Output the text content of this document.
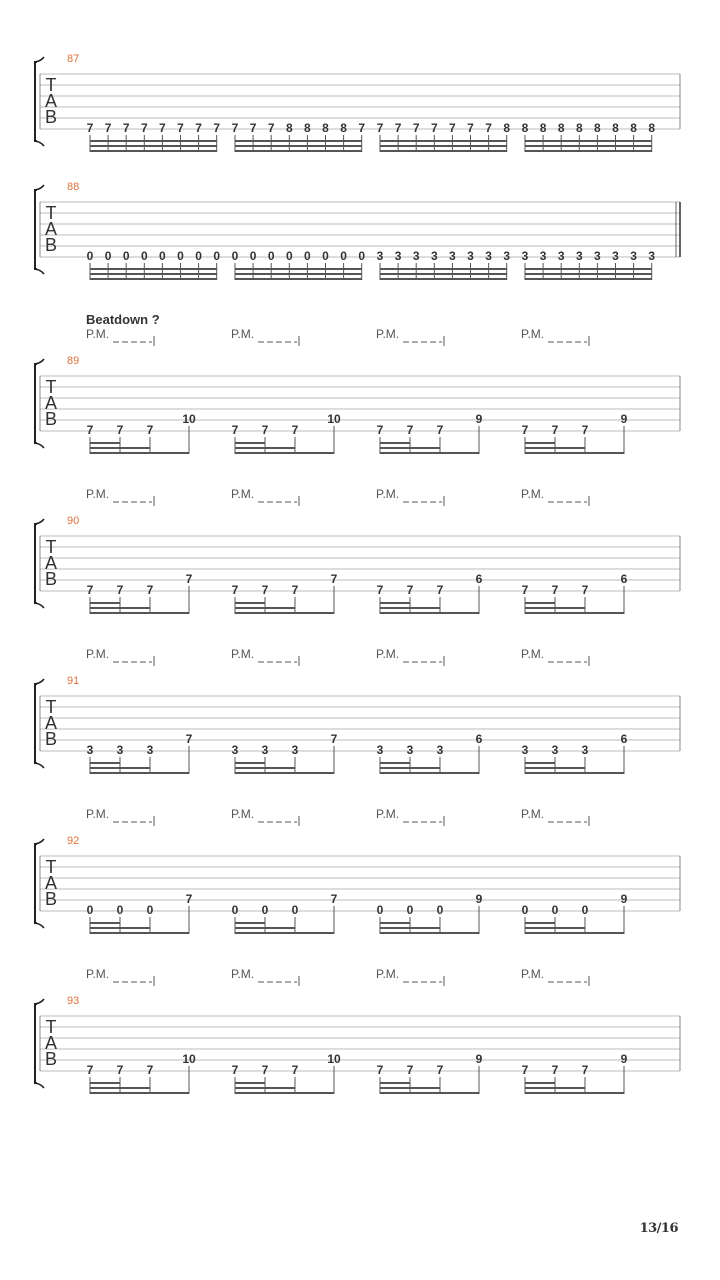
87
T
A
B
7 7 7 7 7 7 7 7 7 7 7 8 8 8 8 7 7 7 7 7 7 7 7 8 8 8 8 8 8 8 8 8
88
T
A
B
0 0 0 0 0 0 0 0 0 0 0 0 0 0 0 0 3 3 3 3 3 3 3 3 3 3 3 3 3 3 3 3
Beatdown ?
P.M.	P.M.	P.M.	P.M.
89
T
A
B
7 7 7
10
7 7 7
10
7 7 7
9
7 7 7
9
P.M.	P.M.	P.M.	P.M.
90
T
A
B
7 7 7
7
7 7 7
7
7 7 7
6
7 7 7
6
P.M.	P.M.	P.M.	P.M.
91
T
A
B
3 3 3
7
3 3 3
7
3 3 3
6
3 3 3
6
P.M.	P.M.	P.M.	P.M.
92
T
A
B
0 0 0
7
0 0 0
7
0 0 0
9
0 0 0
9
P.M.	P.M.	P.M.	P.M.
93
T
A
B
7 7 7
10
7 7 7
10
7 7 7
9
7 7 7
9
13/16
